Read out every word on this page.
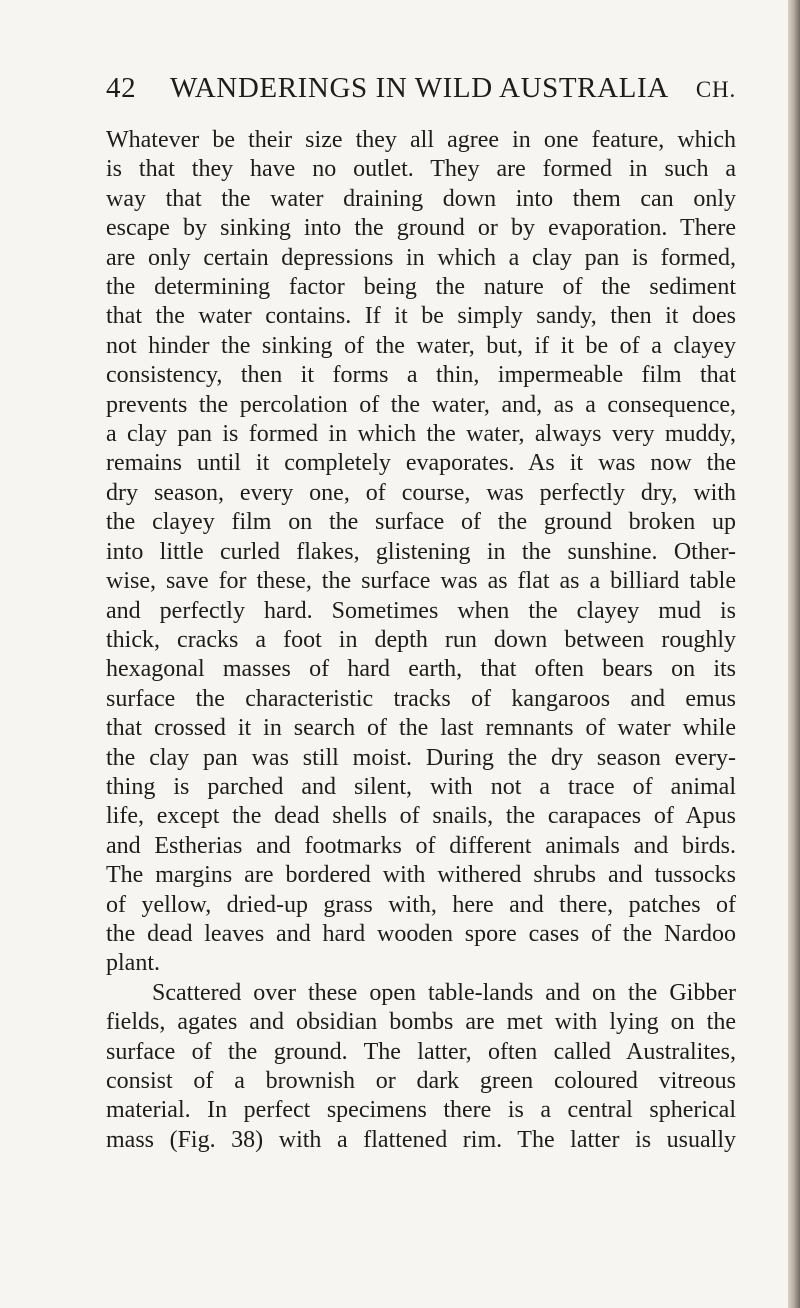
42 WANDERINGS IN WILD AUSTRALIA CH.
Whatever be their size they all agree in one feature, which
is that they have no outlet. They are formed in such a
way that the water draining down into them can only
escape by sinking into the ground or by evaporation. There
are only certain depressions in which a clay pan is formed,
the determining factor being the nature of the sediment
that the water contains. If it be simply sandy, then it does
not hinder the sinking of the water, but, if it be of a clayey
consistency, then it forms a thin, impermeable film that
prevents the percolation of the water, and, as a consequence,
a clay pan is formed in which the water, always very muddy,
remains until it completely evaporates. As it was now the
dry season, every one, of course, was perfectly dry, with
the clayey film on the surface of the ground broken up
into little curled flakes, glistening in the sunshine. Other-
wise, save for these, the surface was as flat as a billiard table
and perfectly hard. Sometimes when the clayey mud is
thick, cracks a foot in depth run down between roughly
hexagonal masses of hard earth, that often bears on its
surface the characteristic tracks of kangaroos and emus
that crossed it in search of the last remnants of water while
the clay pan was still moist. During the dry season every-
thing is parched and silent, with not a trace of animal
life, except the dead shells of snails, the carapaces of Apus
and Estherias and footmarks of different animals and birds.
The margins are bordered with withered shrubs and tussocks
of yellow, dried-up grass with, here and there, patches of
the dead leaves and hard wooden spore cases of the Nardoo
plant.
Scattered over these open table-lands and on the Gibber
fields, agates and obsidian bombs are met with lying on the
surface of the ground. The latter, often called Australites,
consist of a brownish or dark green coloured vitreous
material. In perfect specimens there is a central spherical
mass (Fig. 38) with a flattened rim. The latter is usually
